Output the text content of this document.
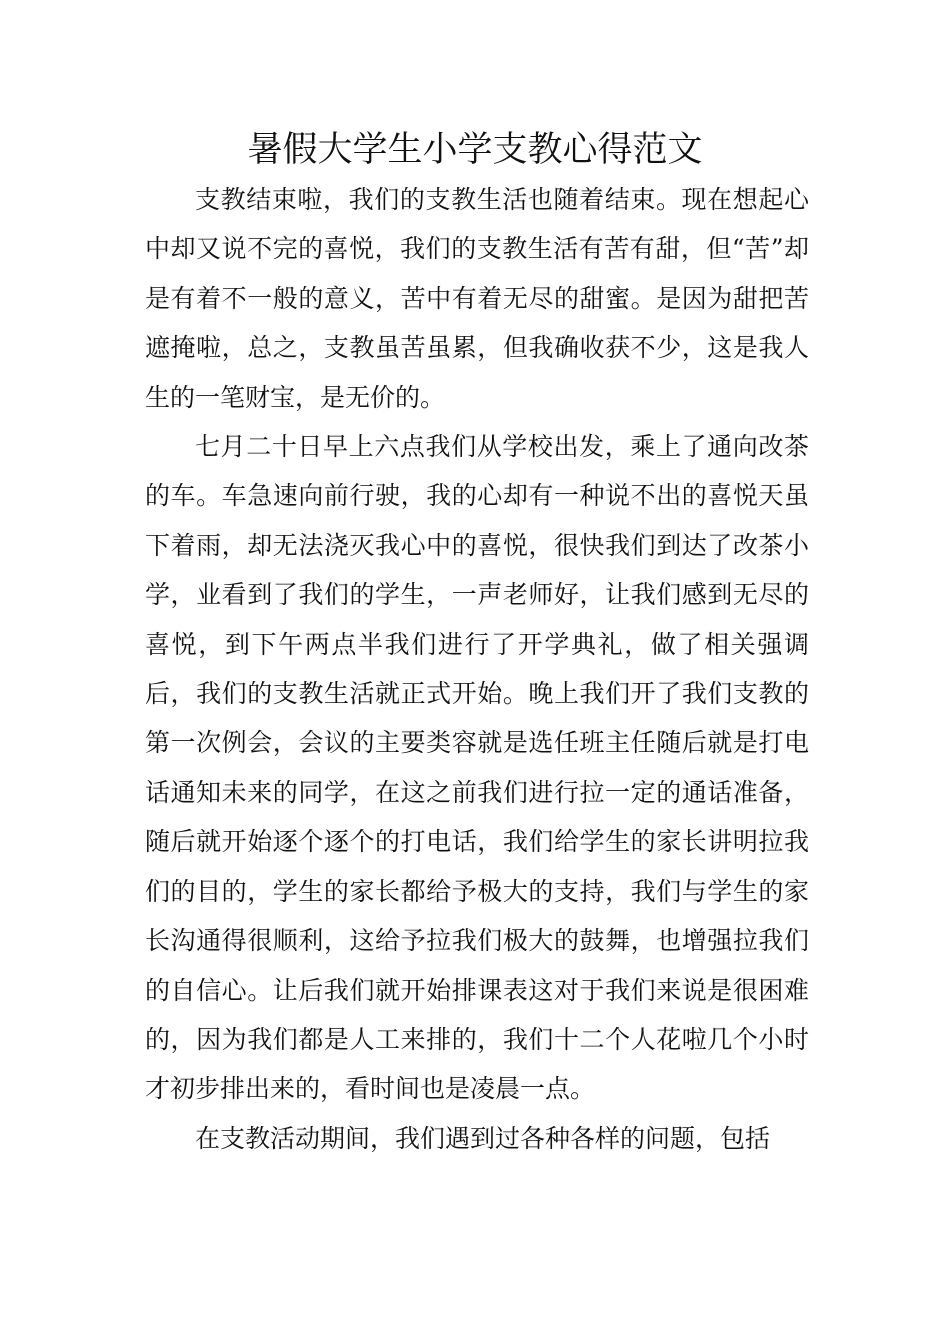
暑假大学生小学支教心得范文

支教结束啦，我们的支教生活也随着结束。现在想起心中却又说不完的喜悦，我们的支教生活有苦有甜，但“苦”却是有着不一般的意义，苦中有着无尽的甜蜜。是因为甜把苦遮掩啦，总之，支教虽苦虽累，但我确收获不少，这是我人生的一笔财宝，是无价的。

七月二十日早上六点我们从学校出发，乘上了通向改茶的车。车急速向前行驶，我的心却有一种说不出的喜悦天虽下着雨，却无法浇灭我心中的喜悦，很快我们到达了改茶小学，业看到了我们的学生，一声老师好，让我们感到无尽的喜悦，到下午两点半我们进行了开学典礼，做了相关强调后，我们的支教生活就正式开始。晚上我们开了我们支教的第一次例会，会议的主要类容就是选任班主任随后就是打电话通知未来的同学，在这之前我们进行拉一定的通话准备，随后就开始逐个逐个的打电话，我们给学生的家长讲明拉我们的目的，学生的家长都给予极大的支持，我们与学生的家长沟通得很顺利，这给予拉我们极大的鼓舞，也增强拉我们的自信心。让后我们就开始排课表这对于我们来说是很困难的，因为我们都是人工来排的，我们十二个人花啦几个小时才初步排出来的，看时间也是凌晨一点。

在支教活动期间，我们遇到过各种各样的问题，包括
